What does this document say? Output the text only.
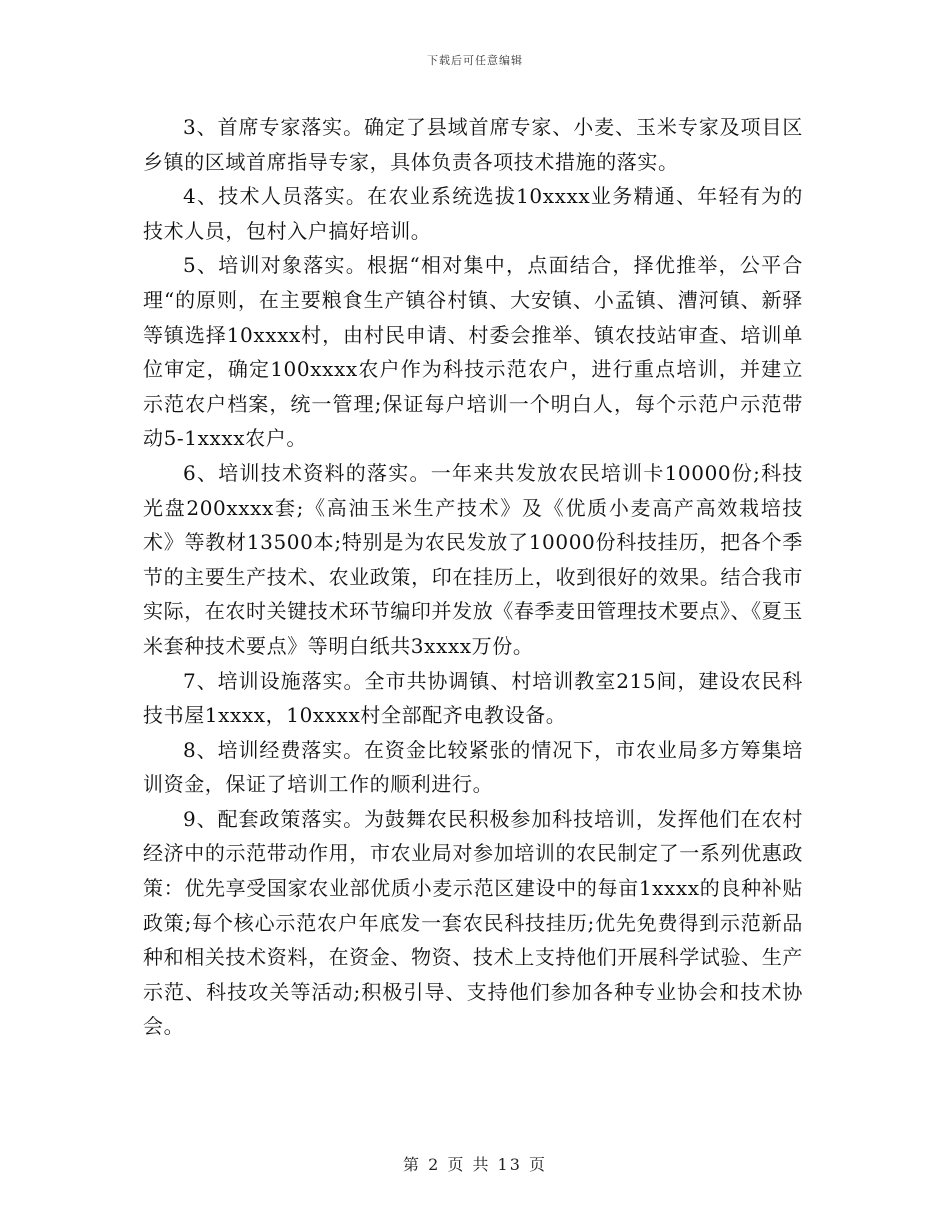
下载后可任意编辑

3、首席专家落实。确定了县域首席专家、小麦、玉米专家及项目区乡镇的区域首席指导专家，具体负责各项技术措施的落实。

4、技术人员落实。在农业系统选拔10xxxx业务精通、年轻有为的技术人员，包村入户搞好培训。

5、培训对象落实。根据“相对集中，点面结合，择优推举，公平合理“的原则，在主要粮食生产镇谷村镇、大安镇、小孟镇、漕河镇、新驿等镇选择10xxxx村，由村民申请、村委会推举、镇农技站审查、培训单位审定，确定100xxxx农户作为科技示范农户，进行重点培训，并建立示范农户档案，统一管理;保证每户培训一个明白人，每个示范户示范带动5-1xxxx农户。

6、培训技术资料的落实。一年来共发放农民培训卡10000份;科技光盘200xxxx套;《高油玉米生产技术》及《优质小麦高产高效栽培技术》等教材13500本;特别是为农民发放了10000份科技挂历，把各个季节的主要生产技术、农业政策，印在挂历上，收到很好的效果。结合我市实际，在农时关键技术环节编印并发放《春季麦田管理技术要点》、《夏玉米套种技术要点》等明白纸共3xxxx万份。

7、培训设施落实。全市共协调镇、村培训教室215间，建设农民科技书屋1xxxx，10xxxx村全部配齐电教设备。

8、培训经费落实。在资金比较紧张的情况下，市农业局多方筹集培训资金，保证了培训工作的顺利进行。

9、配套政策落实。为鼓舞农民积极参加科技培训，发挥他们在农村经济中的示范带动作用，市农业局对参加培训的农民制定了一系列优惠政策：优先享受国家农业部优质小麦示范区建设中的每亩1xxxx的良种补贴政策;每个核心示范农户年底发一套农民科技挂历;优先免费得到示范新品种和相关技术资料，在资金、物资、技术上支持他们开展科学试验、生产示范、科技攻关等活动;积极引导、支持他们参加各种专业协会和技术协会。

第 2 页 共 13 页
